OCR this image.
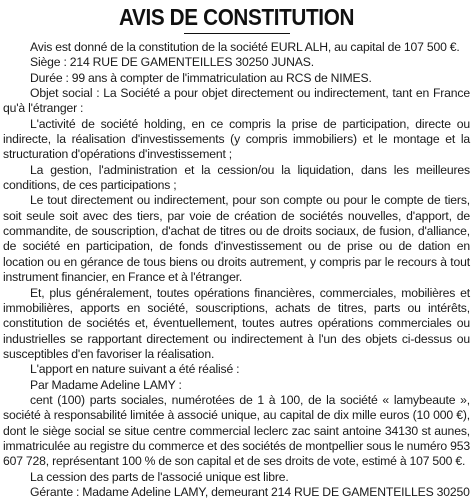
AVIS DE CONSTITUTION

Avis est donné de la constitution de la société EURL ALH, au capital de 107 500 €.

Siège : 214 RUE DE GAMENTEILLES 30250 JUNAS.

Durée : 99 ans à compter de l'immatriculation au RCS de NIMES.

Objet social : La Société a pour objet directement ou indirectement, tant en France qu'à l'étranger :

L'activité de société holding, en ce compris la prise de participation, directe ou indirecte, la réalisation d'investissements (y compris immobiliers) et le montage et la structuration d'opérations d'investissement ;

La gestion, l'administration et la cession/ou la liquidation, dans les meilleures conditions, de ces participations ;

Le tout directement ou indirectement, pour son compte ou pour le compte de tiers, soit seule soit avec des tiers, par voie de création de sociétés nouvelles, d'apport, de commandite, de souscription, d'achat de titres ou de droits sociaux, de fusion, d'alliance, de société en participation, de fonds d'investissement ou de prise ou de dation en location ou en gérance de tous biens ou droits autrement, y compris par le recours à tout instrument financier, en France et à l'étranger.

Et, plus généralement, toutes opérations financières, commerciales, mobilières et immobilières, apports en société, souscriptions, achats de titres, parts ou intérêts, constitution de sociétés et, éventuellement, toutes autres opérations commerciales ou industrielles se rapportant directement ou indirectement à l'un des objets ci-dessus ou susceptibles d'en favoriser la réalisation.

L'apport en nature suivant a été réalisé :

Par Madame Adeline LAMY :

cent (100) parts sociales, numérotées de 1 à 100, de la société « lamybeaute », société à responsabilité limitée à associé unique, au capital de dix mille euros (10 000 €), dont le siège social se situe centre commercial leclerc zac saint antoine 34130 st aunes, immatriculée au registre du commerce et des sociétés de montpellier sous le numéro 953 607 728, représentant 100 % de son capital et de ses droits de vote, estimé à 107 500 €.

La cession des parts de l'associé unique est libre.

Gérante : Madame Adeline LAMY, demeurant 214 RUE DE GAMENTEILLES 30250
